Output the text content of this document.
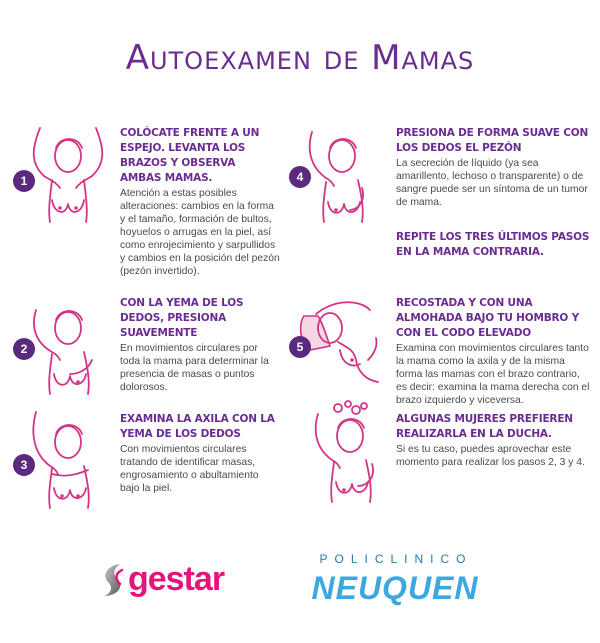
Autoexamen de Mamas
1
COLÓCATE FRENTE A UN ESPEJO. LEVANTA LOS BRAZOS Y OBSERVA AMBAS MAMAS.
Atención a estas posibles alteraciones: cambios en la forma y el tamaño, formación de bultos, hoyuelos o arrugas en la piel, así como enrojecimiento y sarpullidos y cambios en la posición del pezón (pezón invertido).
4
PRESIONA DE FORMA SUAVE CON LOS DEDOS EL PEZÓN
La secreción de líquido (ya sea amarillento, lechoso o transparente) o de sangre puede ser un síntoma de un tumor de mama.
REPITE LOS TRES ÚLTIMOS PASOS EN LA MAMA CONTRARIA.
2
CON LA YEMA DE LOS DEDOS, PRESIONA SUAVEMENTE
En movimientos circulares por toda la mama para determinar la presencia de masas o puntos dolorosos.
5
RECOSTADA Y CON UNA ALMOHADA BAJO TU HOMBRO Y CON EL CODO ELEVADO
Examina con movimientos circulares tanto la mama como la axila y de la misma forma las mamas con el brazo contrario, es decir: examina la mama derecha con el brazo izquierdo y viceversa.
3
EXAMINA LA AXILA CON LA YEMA DE LOS DEDOS
Con movimientos circulares tratando de identificar masas, engrosamiento o abultamiento bajo la piel.
ALGUNAS MUJERES PREFIEREN REALIZARLA EN LA DUCHA.
Si es tu caso, puedes aprovechar este momento para realizar los pasos 2, 3 y 4.
gestar
POLICLINICO
NEUQUEN
